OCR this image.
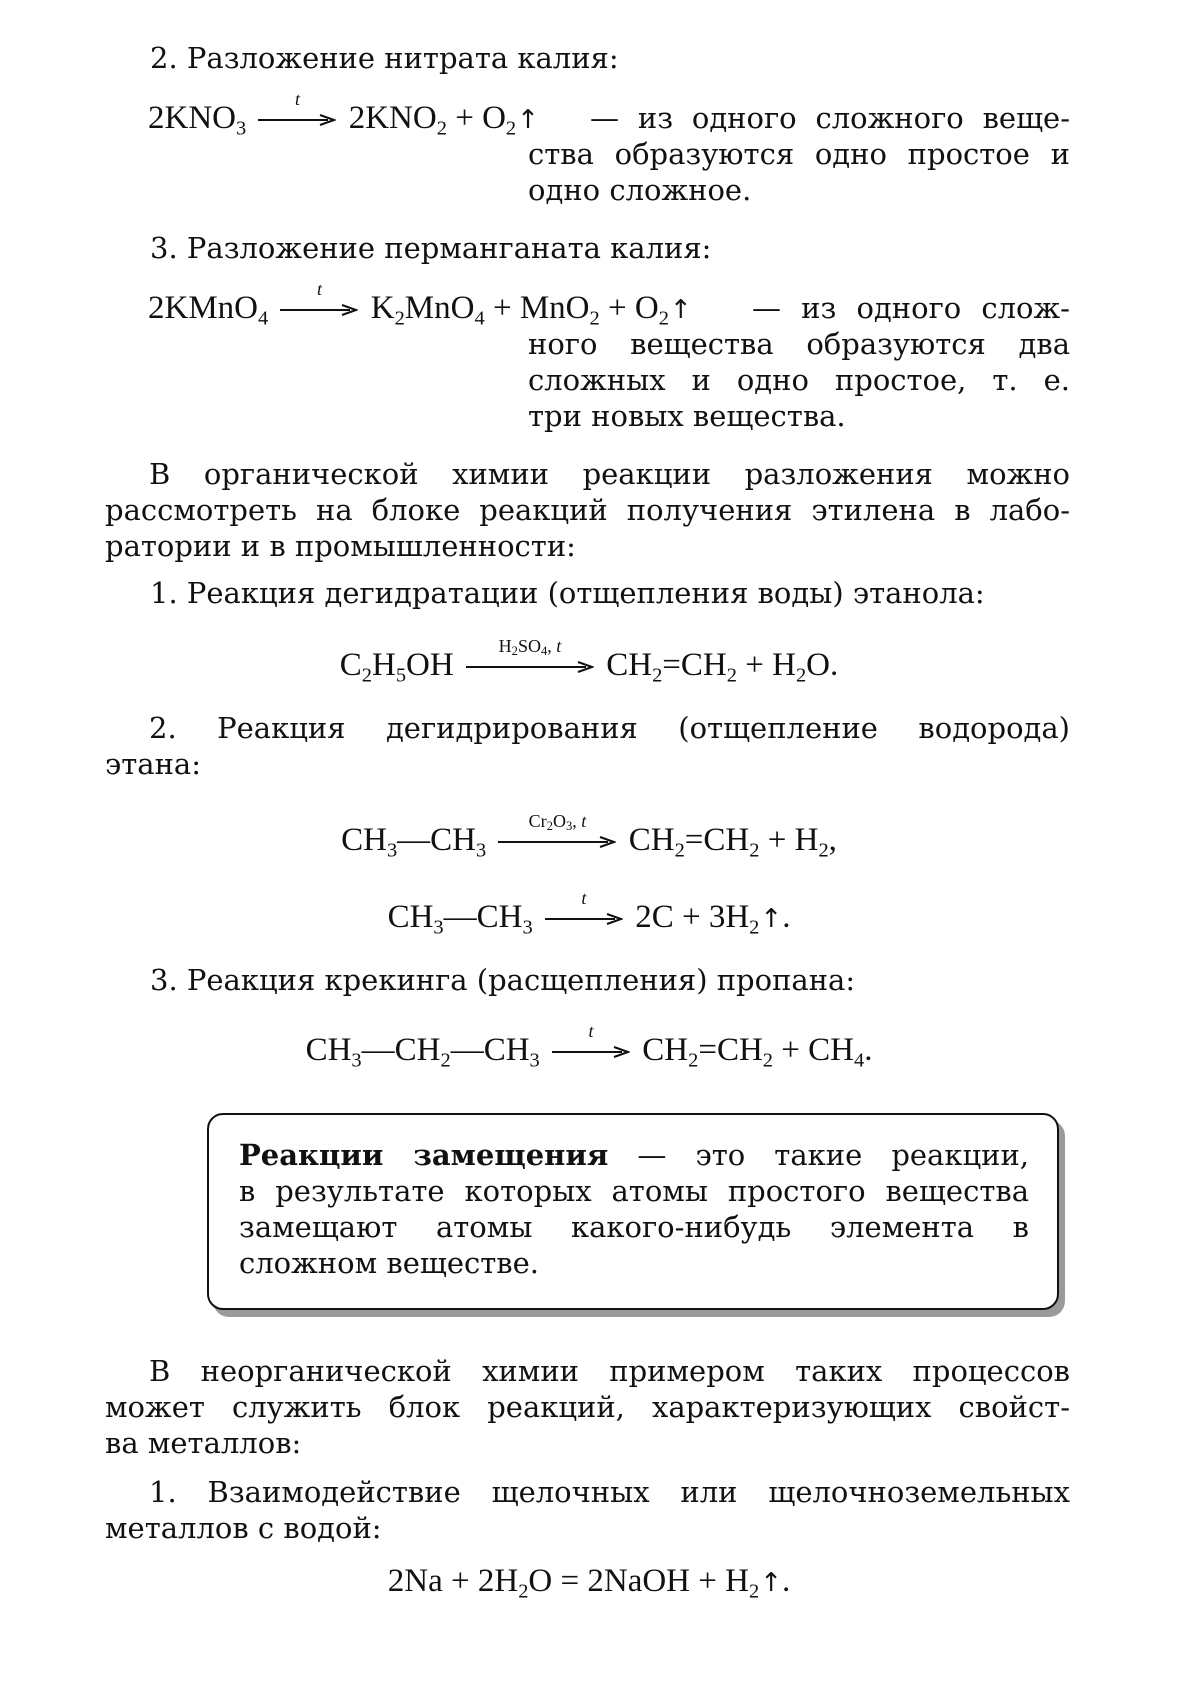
2. Разложение нитрата калия:
$2KNO_3$
t
$2KNO_2$ + $O_2↑$ — из одного сложного веще-
ства образуются одно простое и
одно сложное.
3. Разложение перманганата калия:
2KMnO$_4$
t
$K_2MnO_4 + MnO_2$ + $O_2↑$ — из одного слож-
ного вещества образуются два
сложных и одно простое, т. е.
три новых вещества.
В органической химии реакции разложения можно
рассмотреть на блоке реакций получения этилена в лабо-
ратории и в промышленности:
1. Реакция дегидратации (отщепления воды) этанола:
$C_2H_5OH$
$H_2SO_4$, t
$CH_2=CH_2 + H_2O$.
2. Реакция дегидрирования (отщепление водорода)
этана:
$CH_3—CH_3$
$Cr_2O_3$, t
$CH_2=CH_2 + H_2$,
$CH_3—CH_3$
t
$2C + 3H_2↑$.
3. Реакция крекинга (расщепления) пропана:
$CH_3—CH_2—CH_3$
t
$CH_2=CH_2 + CH_4$.
Реакции замещения — это такие реакции,
в результате которых атомы простого вещества
замещают атомы какого-нибудь элемента в
сложном веществе.
В неорганической химии примером таких процессов
может служить блок реакций, характеризующих свойст-
ва металлов:
1. Взаимодействие щелочных или щелочноземельных
металлов с водой:
$2Na + 2H_2O$ = 2NaOH + $H_2↑$.
